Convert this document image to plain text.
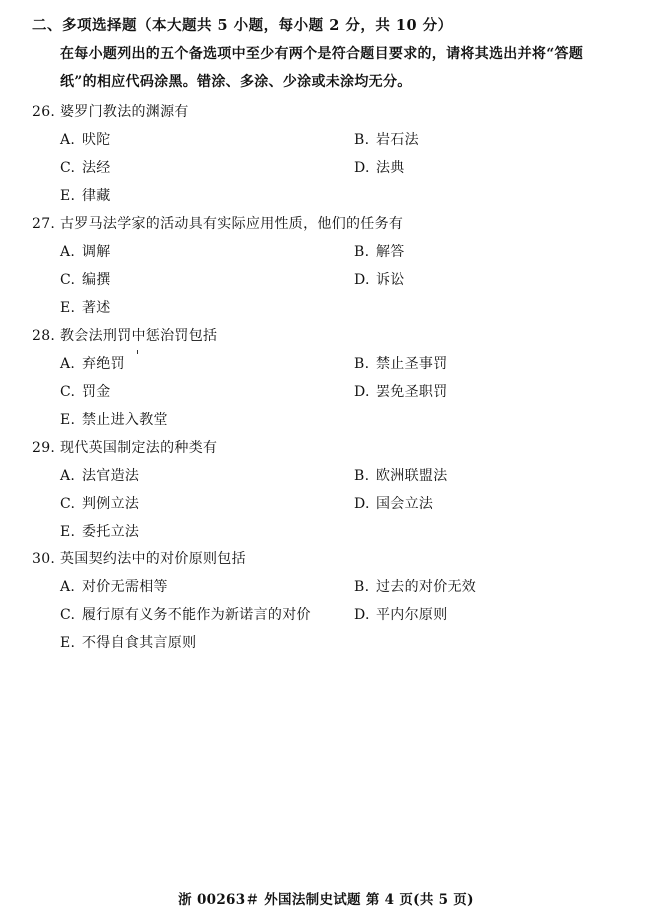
二、多项选择题（本大题共 5 小题，每小题 2 分，共 10 分）
在每小题列出的五个备选项中至少有两个是符合题目要求的，请将其选出并将“答题
纸”的相应代码涂黑。错涂、多涂、少涂或未涂均无分。
26. 婆罗门教法的渊源有
A. 吠陀	B. 岩石法
C. 法经	D. 法典
E. 律藏
27. 古罗马法学家的活动具有实际应用性质，他们的任务有
A. 调解	B. 解答
C. 编撰	D. 诉讼
E. 著述
28. 教会法刑罚中惩治罚包括
A. 弃绝罚	B. 禁止圣事罚
C. 罚金	D. 罢免圣职罚
E. 禁止进入教堂
29. 现代英国制定法的种类有
A. 法官造法	B. 欧洲联盟法
C. 判例立法	D. 国会立法
E. 委托立法
30. 英国契约法中的对价原则包括
A. 对价无需相等	B. 过去的对价无效
C. 履行原有义务不能作为新诺言的对价	D. 平内尔原则
E. 不得自食其言原则
浙 00263＃ 外国法制史试题 第 4 页(共 5 页)
